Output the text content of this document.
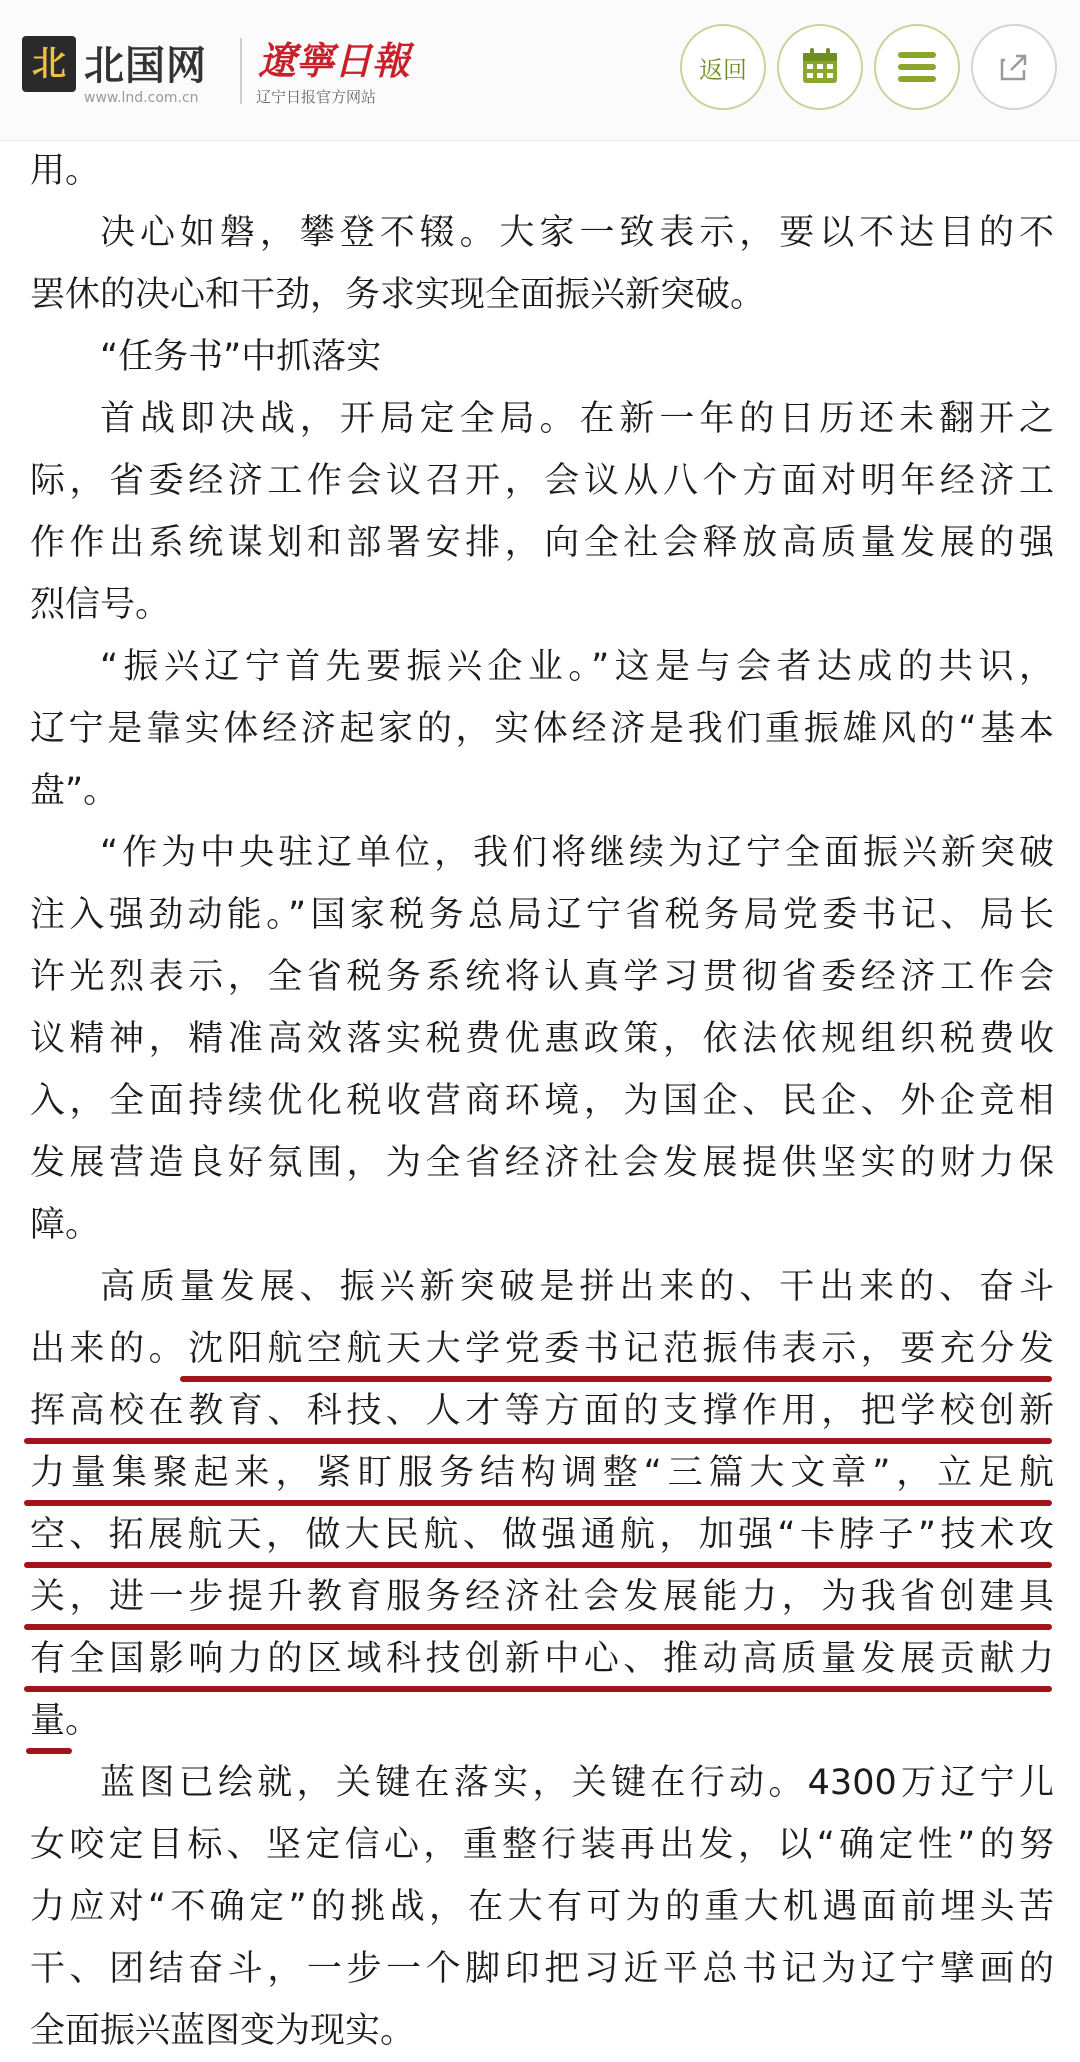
北 北国网
www.lnd.com.cn
遼寧日報
辽宁日报官方网站
返回
用。
决心如磐，攀登不辍。大家一致表示，要以不达目的不
罢休的决心和干劲，务求实现全面振兴新突破。
“任务书”中抓落实
首战即决战，开局定全局。在新一年的日历还未翻开之
际，省委经济工作会议召开，会议从八个方面对明年经济工
作作出系统谋划和部署安排，向全社会释放高质量发展的强
烈信号。
“振兴辽宁首先要振兴企业。”这是与会者达成的共识，
辽宁是靠实体经济起家的，实体经济是我们重振雄风的“基本
盘”。
“作为中央驻辽单位，我们将继续为辽宁全面振兴新突破
注入强劲动能。”国家税务总局辽宁省税务局党委书记、局长
许光烈表示，全省税务系统将认真学习贯彻省委经济工作会
议精神，精准高效落实税费优惠政策，依法依规组织税费收
入，全面持续优化税收营商环境，为国企、民企、外企竞相
发展营造良好氛围，为全省经济社会发展提供坚实的财力保
障。
高质量发展、振兴新突破是拼出来的、干出来的、奋斗
出来的。沈阳航空航天大学党委书记范振伟表示，要充分发
挥高校在教育、科技、人才等方面的支撑作用，把学校创新
力量集聚起来，紧盯服务结构调整“三篇大文章”，立足航
空、拓展航天，做大民航、做强通航，加强“卡脖子”技术攻
关，进一步提升教育服务经济社会发展能力，为我省创建具
有全国影响力的区域科技创新中心、推动高质量发展贡献力
量。
蓝图已绘就，关键在落实，关键在行动。4300万辽宁儿
女咬定目标、坚定信心，重整行装再出发，以“确定性”的努
力应对“不确定”的挑战，在大有可为的重大机遇面前埋头苦
干、团结奋斗，一步一个脚印把习近平总书记为辽宁擘画的
全面振兴蓝图变为现实。
